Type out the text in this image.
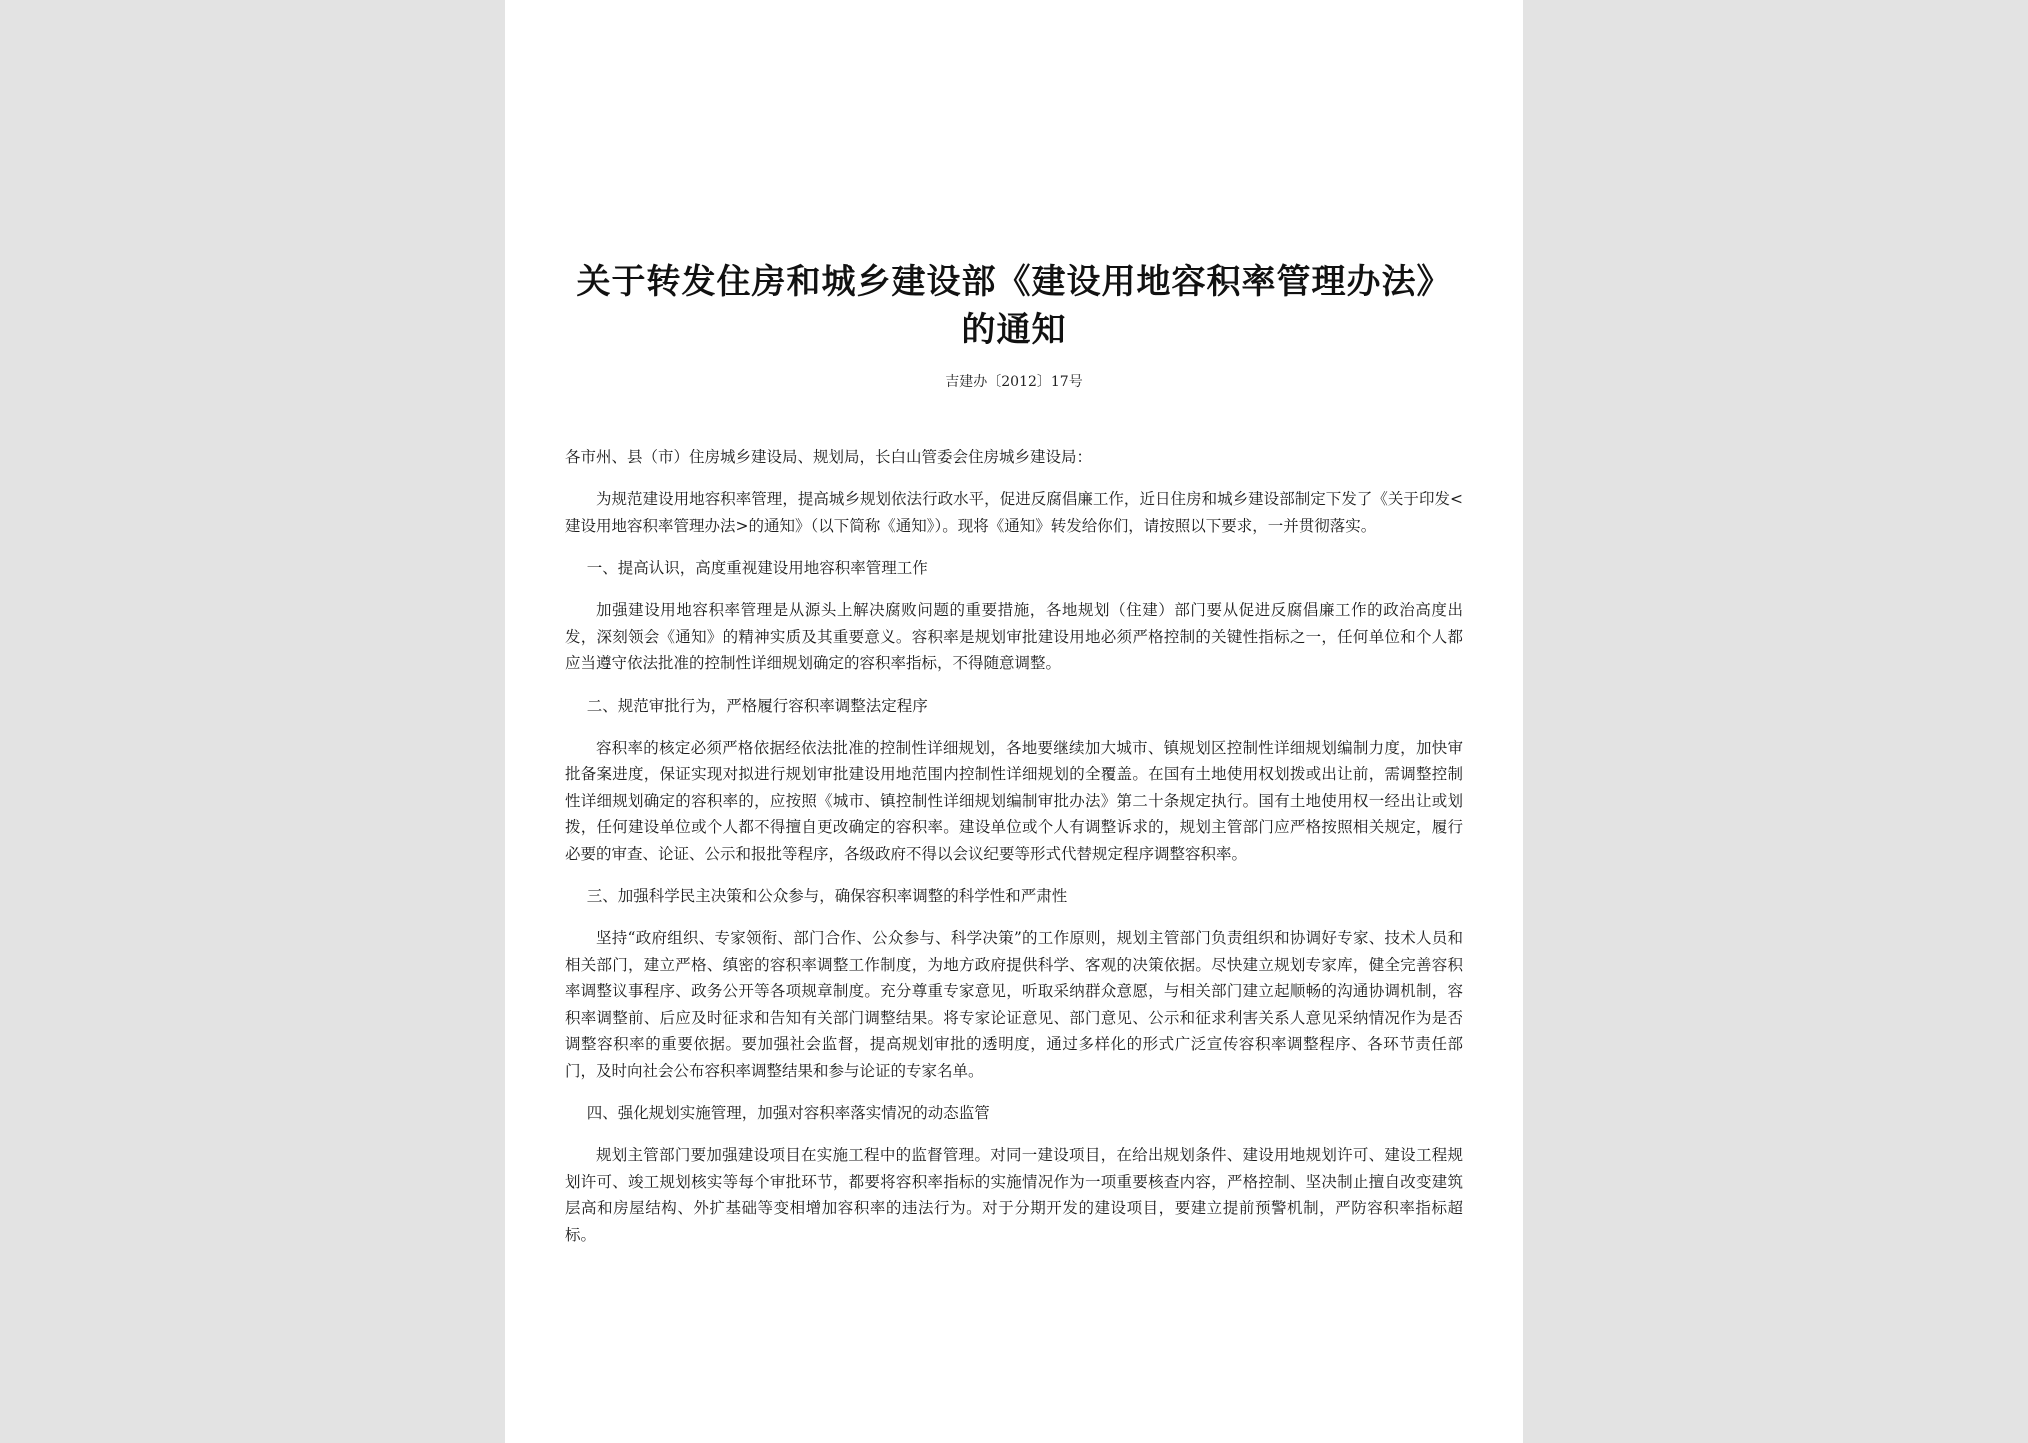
关于转发住房和城乡建设部《建设用地容积率管理办法》的通知

吉建办〔2012〕17号

各市州、县（市）住房城乡建设局、规划局，长白山管委会住房城乡建设局：

为规范建设用地容积率管理，提高城乡规划依法行政水平，促进反腐倡廉工作，近日住房和城乡建设部制定下发了《关于印发<建设用地容积率管理办法>的通知》（以下简称《通知》）。现将《通知》转发给你们，请按照以下要求，一并贯彻落实。

一、提高认识，高度重视建设用地容积率管理工作

加强建设用地容积率管理是从源头上解决腐败问题的重要措施，各地规划（住建）部门要从促进反腐倡廉工作的政治高度出发，深刻领会《通知》的精神实质及其重要意义。容积率是规划审批建设用地必须严格控制的关键性指标之一，任何单位和个人都应当遵守依法批准的控制性详细规划确定的容积率指标，不得随意调整。

二、规范审批行为，严格履行容积率调整法定程序

容积率的核定必须严格依据经依法批准的控制性详细规划，各地要继续加大城市、镇规划区控制性详细规划编制力度，加快审批备案进度，保证实现对拟进行规划审批建设用地范围内控制性详细规划的全覆盖。在国有土地使用权划拨或出让前，需调整控制性详细规划确定的容积率的，应按照《城市、镇控制性详细规划编制审批办法》第二十条规定执行。国有土地使用权一经出让或划拨，任何建设单位或个人都不得擅自更改确定的容积率。建设单位或个人有调整诉求的，规划主管部门应严格按照相关规定，履行必要的审查、论证、公示和报批等程序，各级政府不得以会议纪要等形式代替规定程序调整容积率。

三、加强科学民主决策和公众参与，确保容积率调整的科学性和严肃性

坚持“政府组织、专家领衔、部门合作、公众参与、科学决策”的工作原则，规划主管部门负责组织和协调好专家、技术人员和相关部门，建立严格、缜密的容积率调整工作制度，为地方政府提供科学、客观的决策依据。尽快建立规划专家库，健全完善容积率调整议事程序、政务公开等各项规章制度。充分尊重专家意见，听取采纳群众意愿，与相关部门建立起顺畅的沟通协调机制，容积率调整前、后应及时征求和告知有关部门调整结果。将专家论证意见、部门意见、公示和征求利害关系人意见采纳情况作为是否调整容积率的重要依据。要加强社会监督，提高规划审批的透明度，通过多样化的形式广泛宣传容积率调整程序、各环节责任部门，及时向社会公布容积率调整结果和参与论证的专家名单。

四、强化规划实施管理，加强对容积率落实情况的动态监管

规划主管部门要加强建设项目在实施工程中的监督管理。对同一建设项目，在给出规划条件、建设用地规划许可、建设工程规划许可、竣工规划核实等每个审批环节，都要将容积率指标的实施情况作为一项重要核查内容，严格控制、坚决制止擅自改变建筑层高和房屋结构、外扩基础等变相增加容积率的违法行为。对于分期开发的建设项目，要建立提前预警机制，严防容积率指标超标。
